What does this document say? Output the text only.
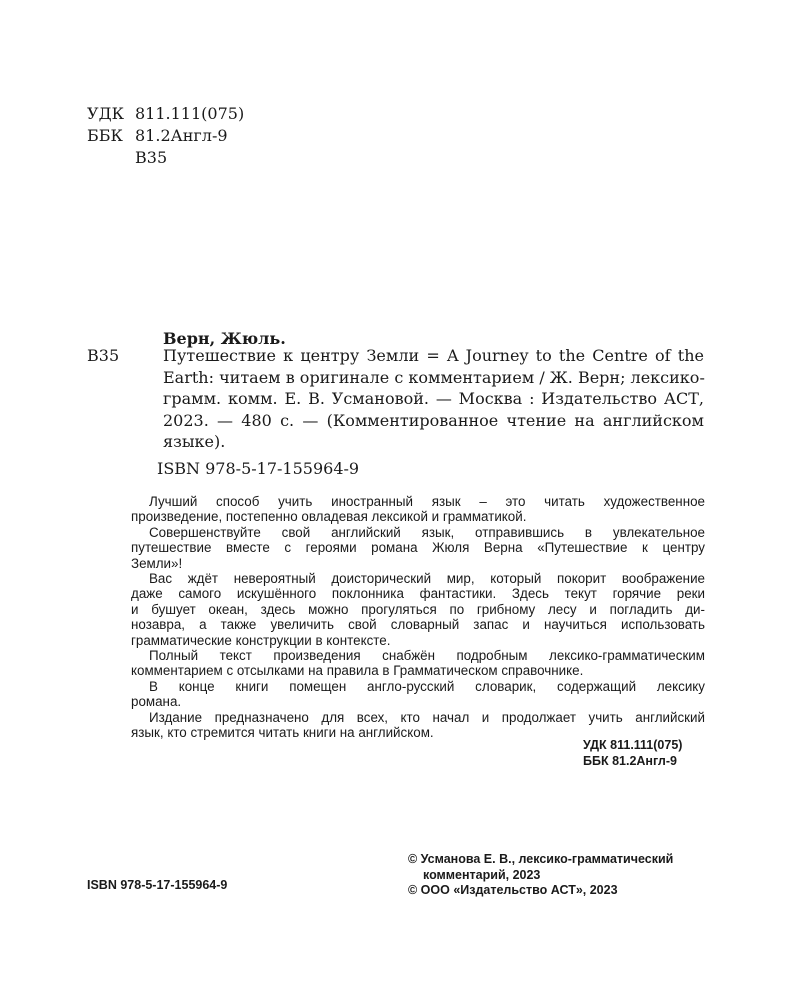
УДК 811.111(075)
ББК 81.2Англ-9
В35
Верн, Жюль.
В35	Путешествие к центру Земли = A Journey to the Centre of the
Earth: читаем в оригинале с комментарием / Ж. Верн; лексико-
грамм. комм. Е. В. Усмановой. — Москва : Издательство АСТ,
2023. — 480 с. — (Комментированное чтение на английском
языке).
ISBN 978-5-17-155964-9
Лучший способ учить иностранный язык – это читать художественное
произведение, постепенно овладевая лексикой и грамматикой.
Совершенствуйте свой английский язык, отправившись в увлекательное
путешествие вместе с героями романа Жюля Верна «Путешествие к центру
Земли»!
Вас ждёт невероятный доисторический мир, который покорит воображение
даже самого искушённого поклонника фантастики. Здесь текут горячие реки
и бушует океан, здесь можно прогуляться по грибному лесу и погладить ди-
нозавра, а также увеличить свой словарный запас и научиться использовать
грамматические конструкции в контексте.
Полный текст произведения снабжён подробным лексико-грамматическим
комментарием с отсылками на правила в Грамматическом справочнике.
В конце книги помещен англо-русский словарик, содержащий лексику
романа.
Издание предназначено для всех, кто начал и продолжает учить английский
язык, кто стремится читать книги на английском.
УДК 811.111(075)
ББК 81.2Англ-9
ISBN 978-5-17-155964-9
© Усманова Е. В., лексико-грамматический
комментарий, 2023
© ООО «Издательство АСТ», 2023
